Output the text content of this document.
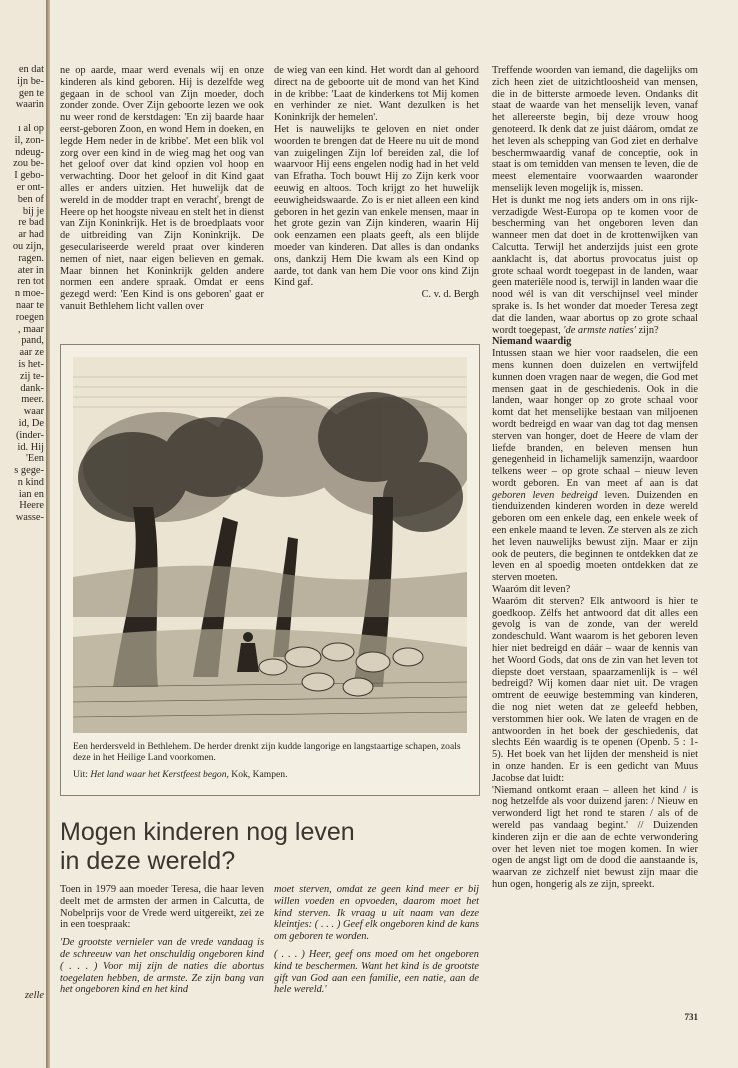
en dat
ijn be-
gen te
waarin

ı al op
il, zon-
ndeug-
zou be-
I gebo-
er ont-
ben of
bij je
re bad
ar had
ou zijn,
ragen.
ater in
ren tot
n moe-
naar te
roegen
, maar
pand,
aar ze
is het-
zij te-
dank-
meer.
waar
id, De
(inder-
id. Hij
'Een
s gege-
n kind
ian en
Heere
wasse-
zelle

ne op aarde, maar werd evenals wij en onze kinderen als kind geboren. Hij is dezelfde weg gegaan in de school van Zijn moeder, doch zonder zonde. Over Zijn geboorte lezen we ook nu weer rond de kerstdagen: 'En zij baarde haar eerst-geboren Zoon, en wond Hem in doeken, en legde Hem neder in de kribbe'. Met een blik vol zorg over een kind in de wieg mag het oog van het geloof over dat kind opzien vol hoop en verwachting. Door het geloof in dit Kind gaat alles er anders uitzien. Het huwelijk dat de wereld in de modder trapt en verachť, brengt de Heere op het hoogste niveau en stelt het in dienst van Zijn Koninkrijk. Het is de broedplaats voor de uitbreiding van Zijn Koninkrijk. De geseculariseerde wereld praat over kinderen nemen of niet, naar eigen believen en gemak. Maar binnen het Koninkrijk gelden andere normen een andere spraak. Omdat er eens gezegd werd: 'Een Kind is ons geboren' gaat er vanuit Bethlehem licht vallen over

de wieg van een kind. Het wordt dan al gehoord direct na de geboorte uit de mond van het Kind in de kribbe: 'Laat de kinderkens tot Mij komen en verhinder ze niet. Want dezulken is het Koninkrijk der hemelen'.

Het is nauwelijks te geloven en niet onder woorden te brengen dat de Heere nu uit de mond van zuigelingen Zijn lof bereiden zal, die lof waarvoor Hij eens engelen nodig had in het veld van Efratha. Toch bouwt Hij zo Zijn kerk voor eeuwig en altoos. Toch krijgt zo het huwelijk eeuwigheidswaarde. Zo is er niet alleen een kind geboren in het gezin van enkele mensen, maar in het grote gezin van Zijn kinderen, waarin Hij ook eenzamen een plaats geeft, als een blijde moeder van kinderen. Dat alles is dan ondanks ons, dankzij Hem Die kwam als een Kind op aarde, tot dank van hem Die voor ons kind Zijn Kind gaf.

C. v. d. Bergh

Een herdersveld in Bethlehem. De herder drenkt zijn kudde langorige en langstaartige schapen, zoals deze in het Heilige Land voorkomen.
Uit: Het land waar het Kerstfeest begon, Kok, Kampen.
Mogen kinderen nog leven
in deze wereld?

Toen in 1979 aan moeder Teresa, die haar leven deelt met de armsten der armen in Calcutta, de Nobelprijs voor de Vrede werd uitgereikt, zei ze in een toespraak:

'De grootste vernieler van de vrede vandaag is de schreeuw van het onschuldig ongeboren kind ( . . . ) Voor mij zijn de naties die abortus toegelaten hebben, de armste. Ze zijn bang van het ongeboren kind en het kind

moet sterven, omdat ze geen kind meer er bij willen voeden en opvoeden, daarom moet het kind sterven. Ik vraag u uit naam van deze kleintjes: ( . . . ) Geef elk ongeboren kind de kans om geboren te worden.

( . . . ) Heer, geef ons moed om het ongeboren kind te beschermen. Want het kind is de grootste gift van God aan een familie, een natie, aan de hele wereld.'

Treffende woorden van iemand, die dagelijks om zich heen ziet de uitzichtloosheid van mensen, die in de bitterste armoede leven. Ondanks dit staat de waarde van het menselijk leven, vanaf het allereerste begin, bij deze vrouw hoog genoteerd. Ik denk dat ze juist dáárom, omdat ze het leven als schepping van God ziet en derhalve beschermwaardig vanaf de conceptie, ook in staat is om temidden van mensen te leven, die de meest elementaire voorwaarden waaronder menselijk leven mogelijk is, missen.

Het is dunkt me nog iets anders om in ons rijk-verzadigde West-Europa op te komen voor de bescherming van het ongeboren leven dan wanneer men dat doet in de krottenwijken van Calcutta. Terwijl het anderzijds juist een grote aanklacht is, dat abortus provocatus juist op grote schaal wordt toegepast in de landen, waar geen materiële nood is, terwijl in landen waar die nood wél is van dit verschijnsel veel minder sprake is. Is het wonder dat moeder Teresa zegt dat die landen, waar abortus op zo grote schaal wordt toegepast, 'de armste naties' zijn?

Niemand waardig

Intussen staan we hier voor raadselen, die een mens kunnen doen duizelen en vertwijfeld kunnen doen vragen naar de wegen, die God met mensen gaat in de geschiedenis. Ook in die landen, waar honger op zo grote schaal voor komt dat het menselijke bestaan van miljoenen wordt bedreigd en waar van dag tot dag mensen sterven van honger, doet de Heere de vlam der liefde branden, en beleven mensen hun genegenheid in lichamelijk samenzijn, waardoor telkens weer – op grote schaal – nieuw leven wordt geboren. En van meet af aan is dat geboren leven bedreigd leven. Duizenden en tienduizenden kinderen worden in deze wereld geboren om een enkele dag, een enkele week of een enkele maand te leven. Ze sterven als ze zich het leven nauwelijks bewust zijn. Maar er zijn ook de peuters, die beginnen te ontdekken dat ze leven en al spoedig moeten ontdekken dat ze sterven moeten.

Waaróm dit leven?

Waaróm dit sterven? Elk antwoord is hier te goedkoop. Zélfs het antwoord dat dit alles een gevolg is van de zonde, van der wereld zondeschuld. Want waarom is het geboren leven hier niet bedreigd en dáár – waar de kennis van het Woord Gods, dat ons de zin van het leven tot diepste doet verstaan, spaarzamenlijk is – wél bedreigd? Wij komen daar niet uit. De vragen omtrent de eeuwige bestemming van kinderen, die nog niet weten dat ze geleefd hebben, verstommen hier ook. We laten de vragen en de antwoorden in het boek der geschiedenis, dat slechts Eén waardig is te openen (Openb. 5 : 1-5). Het boek van het lijden der mensheid is niet in onze handen. Er is een gedicht van Muus Jacobse dat luidt:

'Niemand ontkomt eraan – alleen het kind / is nog hetzelfde als voor duizend jaren: / Nieuw en verwonderd ligt het rond te staren / als of de wereld pas vandaag begint.' // Duizenden kinderen zijn er die aan de echte verwondering over het leven niet toe mogen komen. In wier ogen de angst ligt om de dood die aanstaande is, waarvan ze zichzelf niet bewust zijn maar die hun ogen, hongerig als ze zijn, spreekt.

731
